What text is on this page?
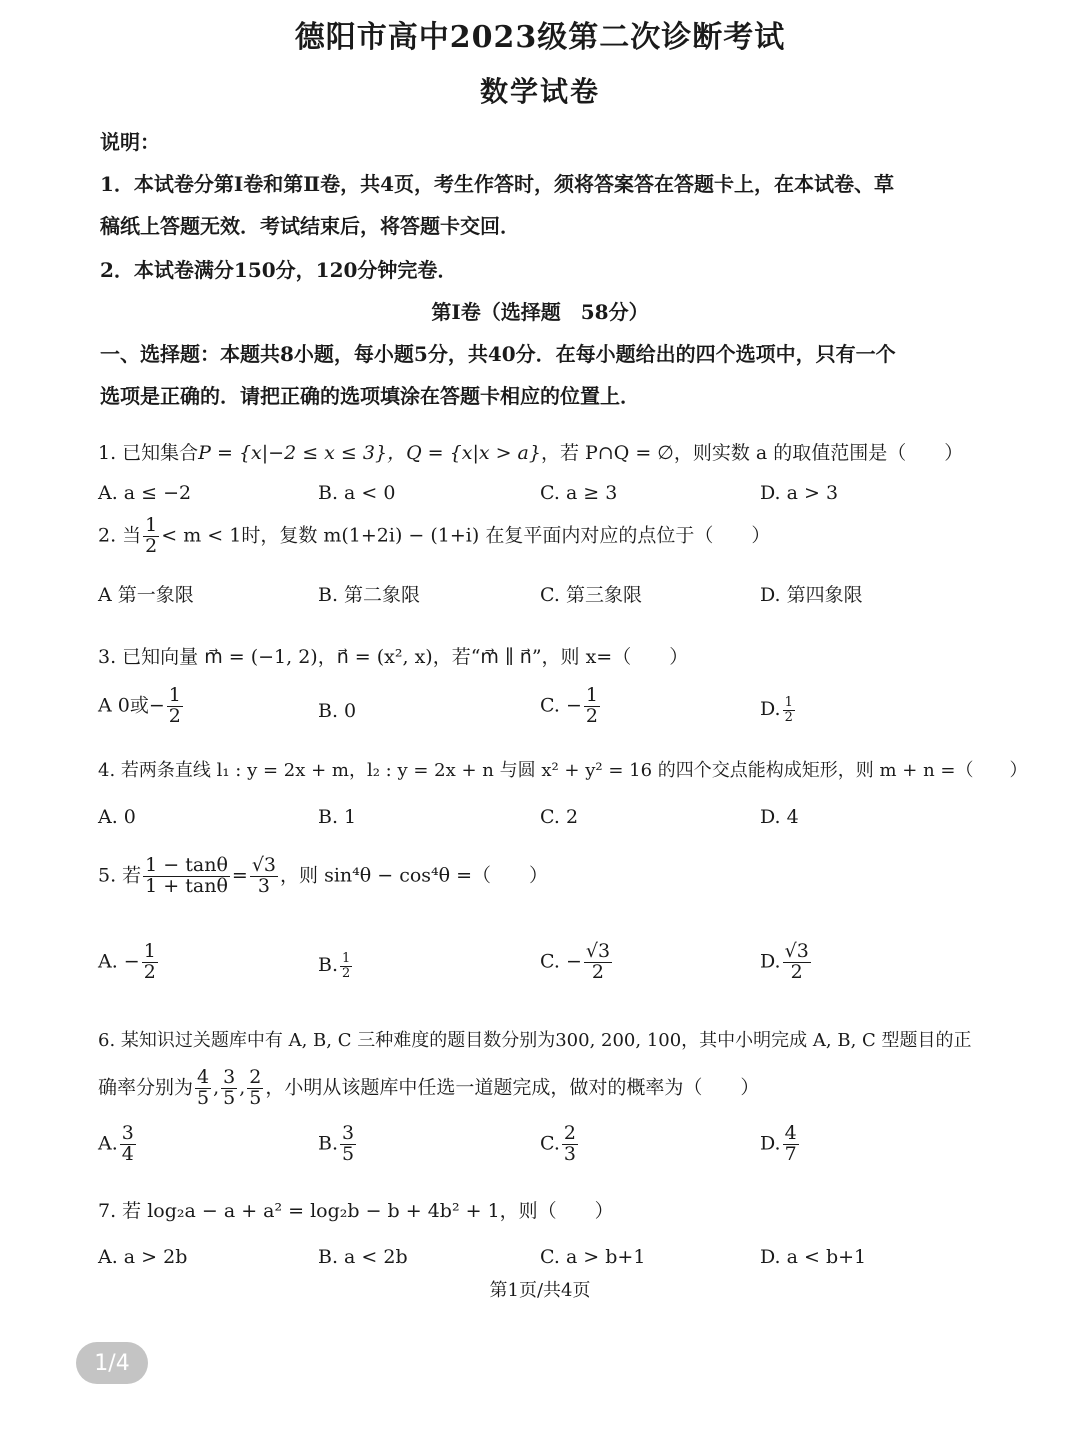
德阳市高中2023级第二次诊断考试
数学试卷
说明：
1．本试卷分第Ⅰ卷和第Ⅱ卷，共4页，考生作答时，须将答案答在答题卡上，在本试卷、草
稿纸上答题无效．考试结束后，将答题卡交回．
2．本试卷满分150分，120分钟完卷．
第Ⅰ卷（选择题　58分）
一、选择题：本题共8小题，每小题5分，共40分．在每小题给出的四个选项中，只有一个
选项是正确的．请把正确的选项填涂在答题卡相应的位置上．
1. 已知集合P = {x|−2 ≤ x ≤ 3}，Q = {x|x > a}，若 P∩Q = ∅，则实数 a 的取值范围是（　　）
A. a ≤ −2	B. a < 0	C. a ≥ 3	D. a > 3
2. 当 $\frac{1}{2} < m < 1$时，复数 m(1+2i) − (1+i) 在复平面内对应的点位于（　　）
A 第一象限	B. 第二象限	C. 第三象限	D. 第四象限
3. 已知向量 m⃗ = (−1, 2)，n⃗ = (x², x)，若“m⃗ ∥ n⃗”，则 x=（　　）
A 0或− $\frac{1}{2}$	B. 0	C. − $\frac{1}{2}$	D. $\frac{1}{2}$
4. 若两条直线 l₁ : y = 2x + m，l₂ : y = 2x + n 与圆 x² + y² = 16 的四个交点能构成矩形，则 m + n =（　　）
A. 0	B. 1	C. 2	D. 4
5. 若 $\frac{1 - \tan\theta}{1 + \tan\theta} = \frac{√3}{3}$ ，则 sin⁴θ − cos⁴θ =（　　）
A. − $\frac{1}{2}$	B. $\frac{1}{2}$	C. − $\frac{√3}{2}$	D. $\frac{√3}{2}$
6. 某知识过关题库中有 A, B, C 三种难度的题目数分别为300, 200, 100，其中小明完成 A, B, C 型题目的正
确率分别为 $\frac{4}{5}$ , $\frac{3}{5}$ , $\frac{2}{5}$ ，小明从该题库中任选一道题完成，做对的概率为（　　）
A. $\frac{3}{4}$	B. $\frac{3}{5}$	C. $\frac{2}{3}$	D. $\frac{4}{7}$
7. 若 log₂a − a + a² = log₂b − b + 4b² + 1，则（　　）
A. a > 2b	B. a < 2b	C. a > b+1	D. a < b+1
第1页/共4页
1/4
